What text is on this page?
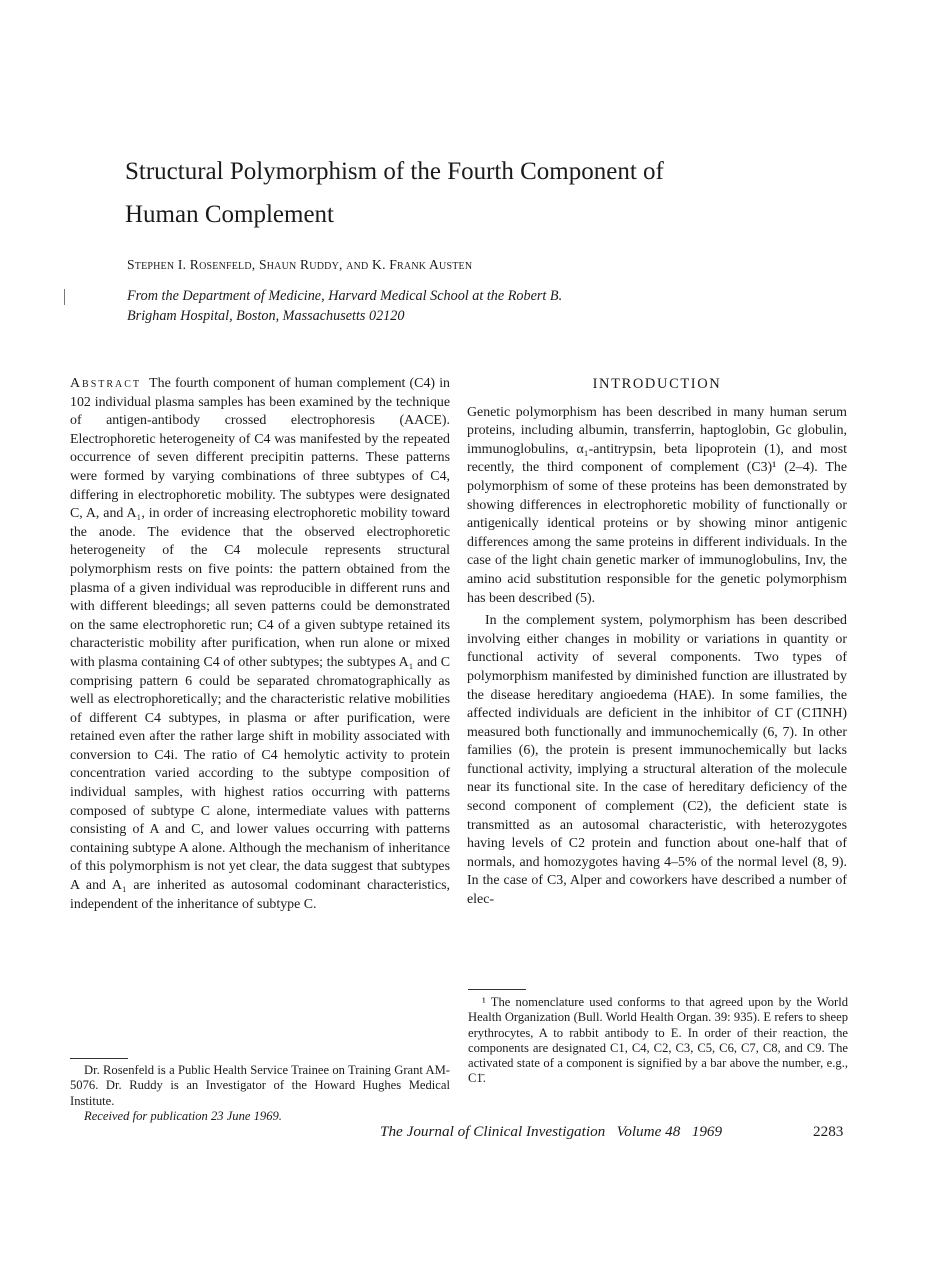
Structural Polymorphism of the Fourth Component of Human Complement
Stephen I. Rosenfeld, Shaun Ruddy, and K. Frank Austen
From the Department of Medicine, Harvard Medical School at the Robert B. Brigham Hospital, Boston, Massachusetts 02120

Abstract The fourth component of human complement (C4) in 102 individual plasma samples has been examined by the technique of antigen-antibody crossed electrophoresis (AACE). Electrophoretic heterogeneity of C4 was manifested by the repeated occurrence of seven different precipitin patterns. These patterns were formed by varying combinations of three subtypes of C4, differing in electrophoretic mobility. The subtypes were designated C, A, and A₁, in order of increasing electrophoretic mobility toward the anode. The evidence that the observed electrophoretic heterogeneity of the C4 molecule represents structural polymorphism rests on five points: the pattern obtained from the plasma of a given individual was reproducible in different runs and with different bleedings; all seven patterns could be demonstrated on the same electrophoretic run; C4 of a given subtype retained its characteristic mobility after purification, when run alone or mixed with plasma containing C4 of other subtypes; the subtypes A₁ and C comprising pattern 6 could be separated chromatographically as well as electrophoretically; and the characteristic relative mobilities of different C4 subtypes, in plasma or after purification, were retained even after the rather large shift in mobility associated with conversion to C4i. The ratio of C4 hemolytic activity to protein concentration varied according to the subtype composition of individual samples, with highest ratios occurring with patterns composed of subtype C alone, intermediate values with patterns consisting of A and C, and lower values occurring with patterns containing subtype A alone. Although the mechanism of inheritance of this polymorphism is not yet clear, the data suggest that subtypes A and A₁ are inherited as autosomal codominant characteristics, independent of the inheritance of subtype C.

Dr. Rosenfeld is a Public Health Service Trainee on Training Grant AM-5076. Dr. Ruddy is an Investigator of the Howard Hughes Medical Institute.

Received for publication 23 June 1969.

INTRODUCTION

Genetic polymorphism has been described in many human serum proteins, including albumin, transferrin, haptoglobin, Gc globulin, immunoglobulins, α₁-antitrypsin, beta lipoprotein (1), and most recently, the third component of complement (C3)¹ (2–4). The polymorphism of some of these proteins has been demonstrated by showing differences in electrophoretic mobility of functionally or antigenically identical proteins or by showing minor antigenic differences among the same proteins in different individuals. In the case of the light chain genetic marker of immunoglobulins, Inv, the amino acid substitution responsible for the genetic polymorphism has been described (5).

In the complement system, polymorphism has been described involving either changes in mobility or variations in quantity or functional activity of several components. Two types of polymorphism manifested by diminished function are illustrated by the disease hereditary angioedema (HAE). In some families, the affected individuals are deficient in the inhibitor of C1̄ (C1̄INH) measured both functionally and immunochemically (6, 7). In other families (6), the protein is present immunochemically but lacks functional activity, implying a structural alteration of the molecule near its functional site. In the case of hereditary deficiency of the second component of complement (C2), the deficient state is transmitted as an autosomal characteristic, with heterozygotes having levels of C2 protein and function about one-half that of normals, and homozygotes having 4–5% of the normal level (8, 9). In the case of C3, Alper and coworkers have described a number of elec-

¹ The nomenclature used conforms to that agreed upon by the World Health Organization (Bull. World Health Organ. 39: 935). E refers to sheep erythrocytes, A to rabbit antibody to E. In order of their reaction, the components are designated C1, C4, C2, C3, C5, C6, C7, C8, and C9. The activated state of a component is signified by a bar above the number, e.g., C1̄.

The Journal of Clinical Investigation   Volume 48   1969	2283
